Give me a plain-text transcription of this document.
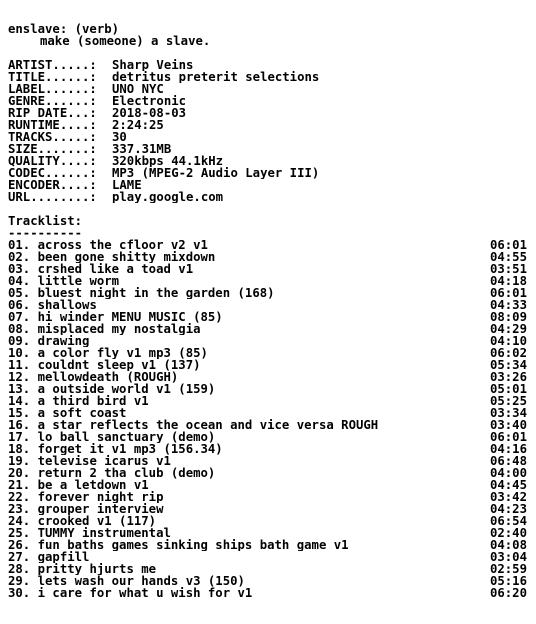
enslave: (verb)
make (someone) a slave.
ARTIST.....:	Sharp Veins
TITLE......:	detritus preterit selections
LABEL......:	UNO NYC
GENRE......:	Electronic
RIP DATE...:	2018-08-03
RUNTIME....:	2:24:25
TRACKS.....:	30
SIZE.......:	337.31MB
QUALITY....:	320kbps 44.1kHz
CODEC......:	MP3 (MPEG-2 Audio Layer III)
ENCODER....:	LAME
URL........:	play.google.com
Tracklist:
----------
01. across the cfloor v2 v1	06:01
02. been gone shitty mixdown	04:55
03. crshed like a toad v1	03:51
04. little worm	04:18
05. bluest night in the garden (168)	06:01
06. shallows	04:33
07. hi winder MENU MUSIC (85)	08:09
08. misplaced my nostalgia	04:29
09. drawing	04:10
10. a color fly v1 mp3 (85)	06:02
11. couldnt sleep v1 (137)	05:34
12. mellowdeath (ROUGH)	03:26
13. a outside world v1 (159)	05:01
14. a third bird v1	05:25
15. a soft coast	03:34
16. a star reflects the ocean and vice versa ROUGH	03:40
17. lo ball sanctuary (demo)	06:01
18. forget it v1 mp3 (156.34)	04:16
19. televise icarus v1	06:48
20. return 2 tha club (demo)	04:00
21. be a letdown v1	04:45
22. forever night rip	03:42
23. grouper interview	04:23
24. crooked v1 (117)	06:54
25. TUMMY instrumental	02:40
26. fun baths games sinking ships bath game v1	04:08
27. gapfill	03:04
28. pritty hjurts me	02:59
29. lets wash our hands v3 (150)	05:16
30. i care for what u wish for v1	06:20
